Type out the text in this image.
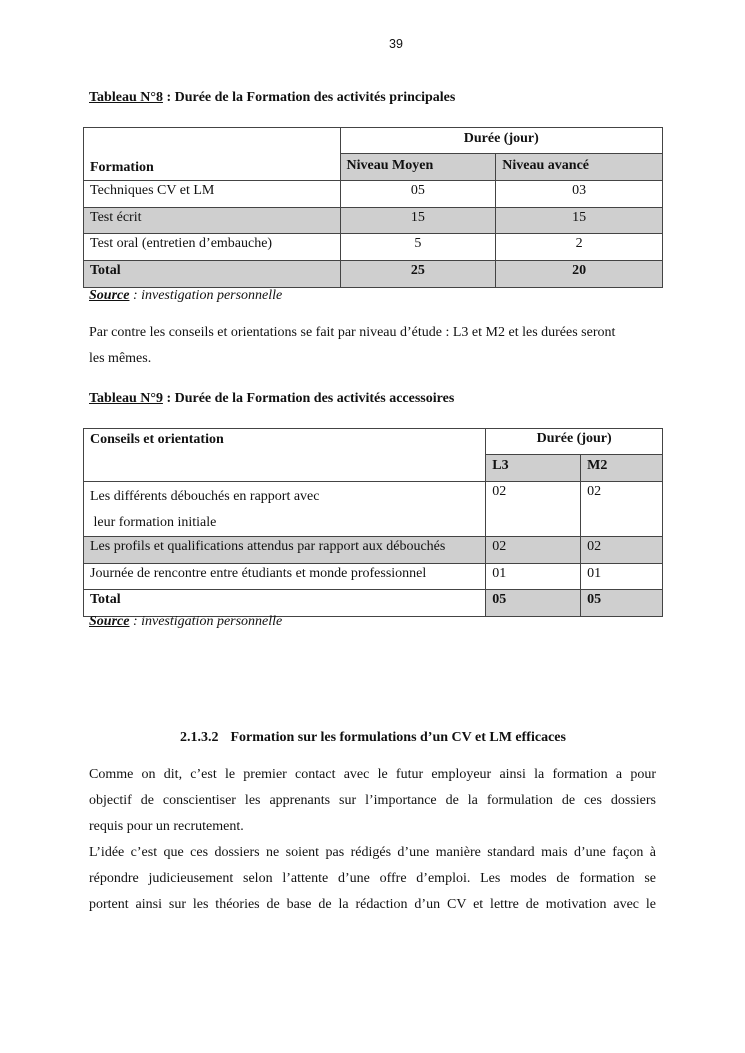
39
Tableau N°8 : Durée de la Formation des activités principales
Formation	Durée (jour)	
	Niveau Moyen	Niveau avancé
Techniques CV et LM	05	03
Test écrit	15	15
Test oral (entretien d’embauche)	5	2
Total	25	20
Source : investigation personnelle
Par contre les conseils et orientations se fait par niveau d’étude : L3 et M2 et les durées seront
les mêmes.
Tableau N°9 : Durée de la Formation des activités accessoires
Conseils et orientation	Durée (jour)	
	L3	M2

Les différents débouchés en rapport avec
leur formation initiale	02	02
Les profils et qualifications attendus par rapport aux débouchés	02	02
Journée de rencontre entre étudiants et monde professionnel	01	01
Total	05	05
Source : investigation personnelle
2.1.3.2 Formation sur les formulations d’un CV et LM efficaces
Comme on dit, c’est le premier contact avec le futur employeur ainsi la formation a pour
objectif de conscientiser les apprenants sur l’importance de la formulation de ces dossiers
requis pour un recrutement.
L’idée c’est que ces dossiers ne soient pas rédigés d’une manière standard mais d’une façon à
répondre judicieusement selon l’attente d’une offre d’emploi. Les modes de formation se
portent ainsi sur les théories de base de la rédaction d’un CV et lettre de motivation avec le
